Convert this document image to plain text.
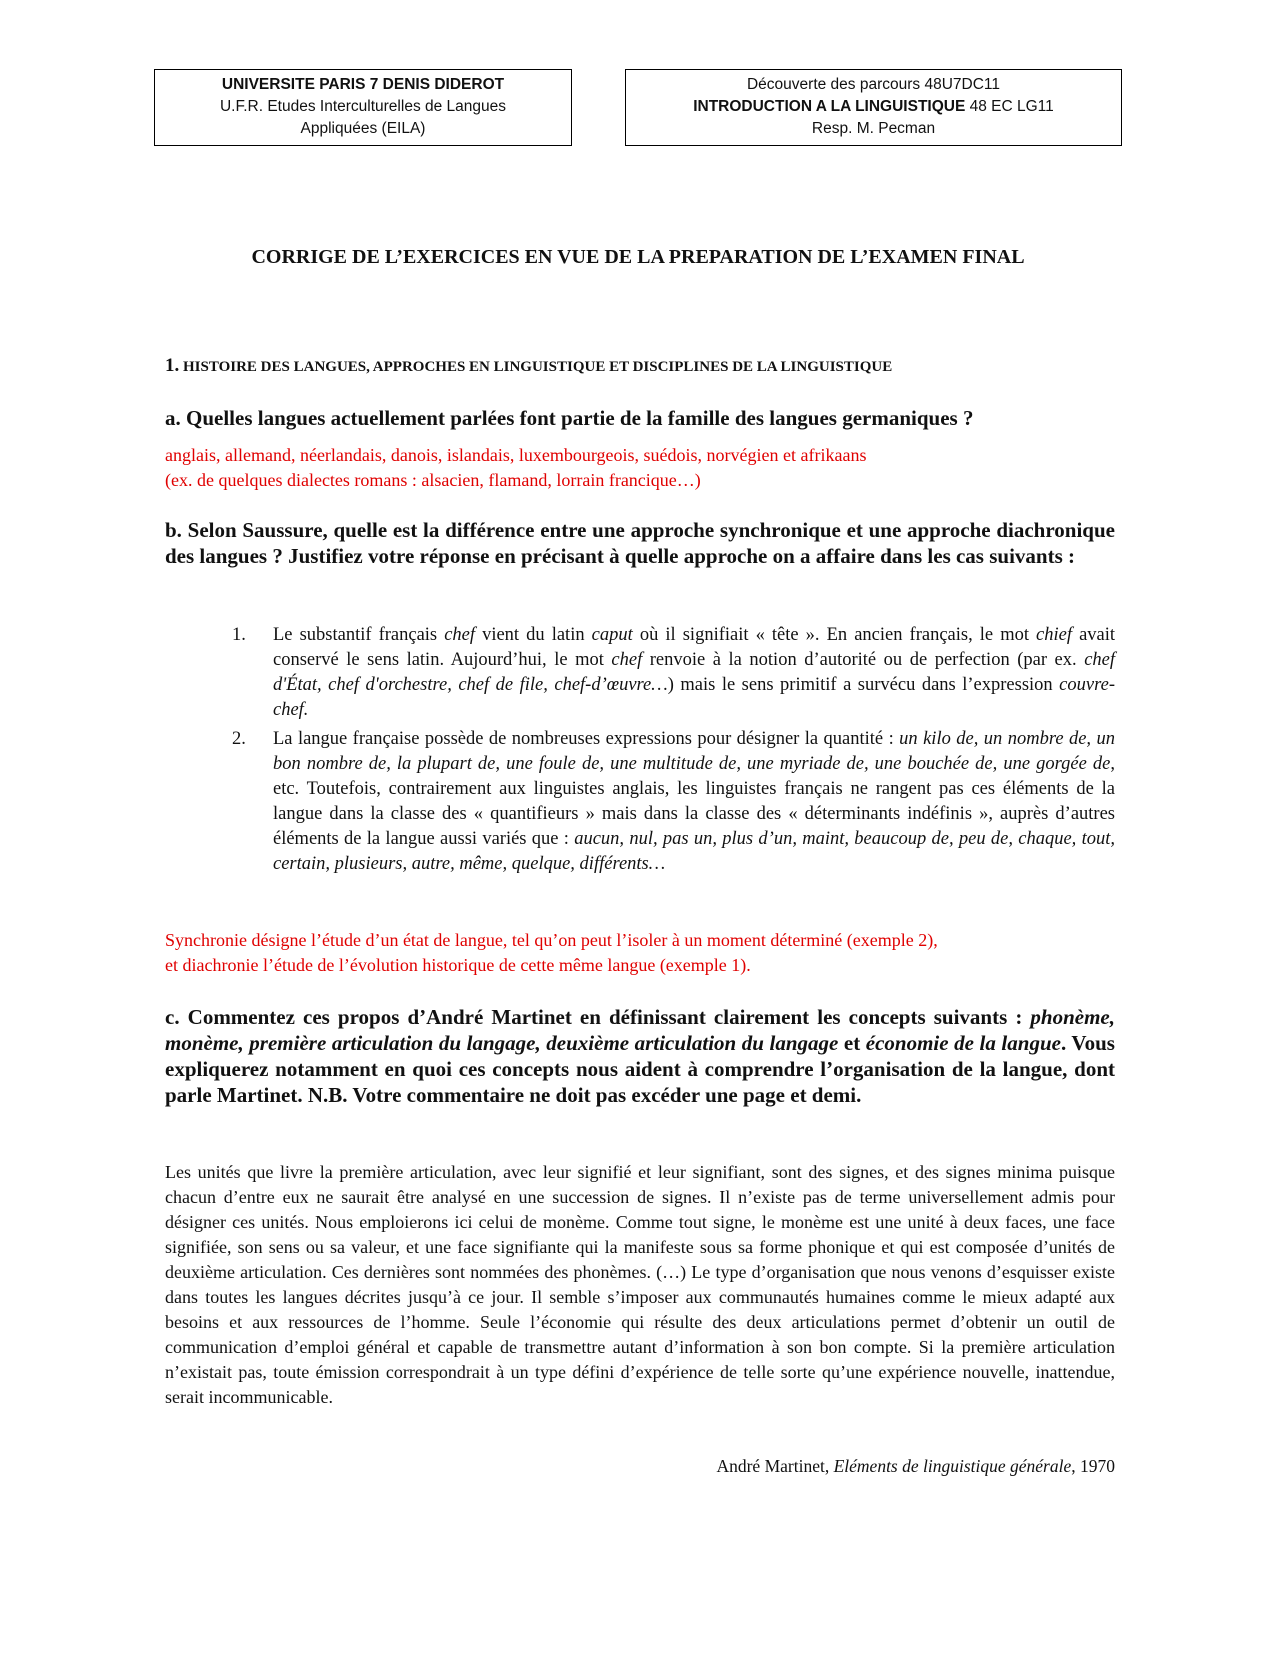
UNIVERSITE PARIS 7 DENIS DIDEROT
U.F.R. Etudes Interculturelles de Langues
Appliquées (EILA)
Découverte des parcours 48U7DC11
INTRODUCTION A LA LINGUISTIQUE 48 EC LG11
Resp. M. Pecman
CORRIGE DE L’EXERCICES EN VUE DE LA PREPARATION DE L’EXAMEN FINAL
1. HISTOIRE DES LANGUES, APPROCHES EN LINGUISTIQUE ET DISCIPLINES DE LA LINGUISTIQUE
a. Quelles langues actuellement parlées font partie de la famille des langues germaniques ?
anglais, allemand, néerlandais, danois, islandais, luxembourgeois, suédois, norvégien et afrikaans
(ex. de quelques dialectes romans : alsacien, flamand, lorrain francique…)
b. Selon Saussure, quelle est la différence entre une approche synchronique et une approche diachronique des langues ? Justifiez votre réponse en précisant à quelle approche on a affaire dans les cas suivants :
1. Le substantif français chef vient du latin caput où il signifiait « tête ». En ancien français, le mot chief avait conservé le sens latin. Aujourd’hui, le mot chef renvoie à la notion d’autorité ou de perfection (par ex. chef d'État, chef d'orchestre, chef de file, chef-d’œuvre…) mais le sens primitif a survécu dans l’expression couvre-chef.
2. La langue française possède de nombreuses expressions pour désigner la quantité : un kilo de, un nombre de, un bon nombre de, la plupart de, une foule de, une multitude de, une myriade de, une bouchée de, une gorgée de, etc. Toutefois, contrairement aux linguistes anglais, les linguistes français ne rangent pas ces éléments de la langue dans la classe des « quantifieurs » mais dans la classe des « déterminants indéfinis », auprès d’autres éléments de la langue aussi variés que : aucun, nul, pas un, plus d’un, maint, beaucoup de, peu de, chaque, tout, certain, plusieurs, autre, même, quelque, différents…
Synchronie désigne l’étude d’un état de langue, tel qu’on peut l’isoler à un moment déterminé (exemple 2),
et diachronie l’étude de l’évolution historique de cette même langue (exemple 1).
c. Commentez ces propos d’André Martinet en définissant clairement les concepts suivants : phonème, monème, première articulation du langage, deuxième articulation du langage et économie de la langue. Vous expliquerez notamment en quoi ces concepts nous aident à comprendre l’organisation de la langue, dont parle Martinet. N.B. Votre commentaire ne doit pas excéder une page et demi.
Les unités que livre la première articulation, avec leur signifié et leur signifiant, sont des signes, et des signes minima puisque chacun d’entre eux ne saurait être analysé en une succession de signes. Il n’existe pas de terme universellement admis pour désigner ces unités. Nous emploierons ici celui de monème. Comme tout signe, le monème est une unité à deux faces, une face signifiée, son sens ou sa valeur, et une face signifiante qui la manifeste sous sa forme phonique et qui est composée d’unités de deuxième articulation. Ces dernières sont nommées des phonèmes. (…) Le type d’organisation que nous venons d’esquisser existe dans toutes les langues décrites jusqu’à ce jour. Il semble s’imposer aux communautés humaines comme le mieux adapté aux besoins et aux ressources de l’homme. Seule l’économie qui résulte des deux articulations permet d’obtenir un outil de communication d’emploi général et capable de transmettre autant d’information à son bon compte. Si la première articulation n’existait pas, toute émission correspondrait à un type défini d’expérience de telle sorte qu’une expérience nouvelle, inattendue, serait incommunicable.
André Martinet, Eléments de linguistique générale, 1970
